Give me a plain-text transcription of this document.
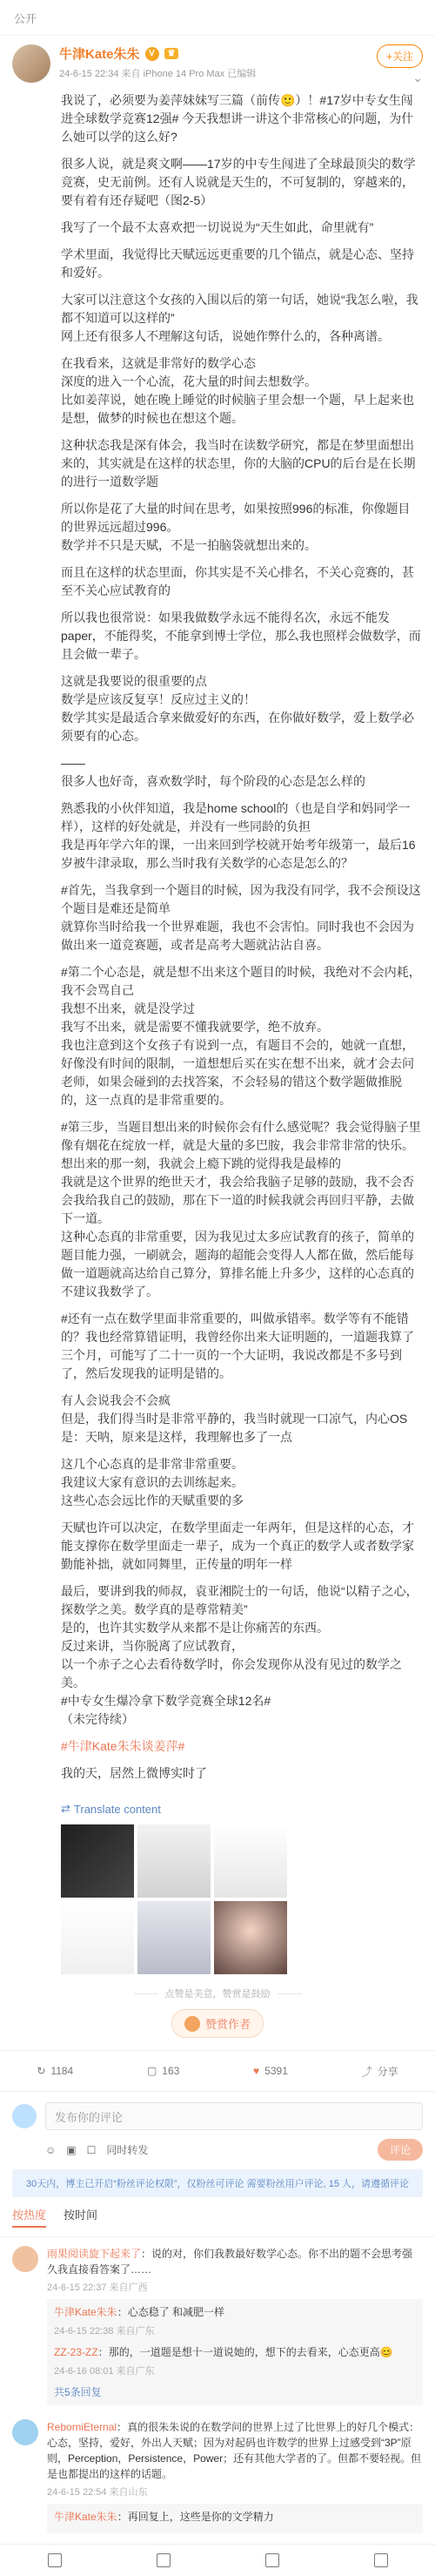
公开
牛津Kate朱朱	V	♛
24-6-15 22:34 来自 iPhone 14 Pro Max 已编辑
+关注
⌄

我说了，必须要为姜萍妹妹写三篇（前传🙂）！#17岁中专女生闯进全球数学竞赛12强# 今天我想讲一讲这个非常核心的问题，为什么她可以学的这么好?

很多人说，就是爽文啊——17岁的中专生闯进了全球最顶尖的数学竞赛，史无前例。还有人说就是天生的，不可复制的，穿越来的，要有着有还存疑吧（图2-5）

我写了一个最不太喜欢把一切说说为“天生如此，命里就有”

学术里面，我觉得比天赋远远更重要的几个锚点，就是心态、坚持和爱好。

大家可以注意这个女孩的入围以后的第一句话，她说“我怎么啦，我都不知道可以这样的”
网上还有很多人不理解这句话，说她作弊什么的，各种离谱。

在我看来，这就是非常好的数学心态
深度的进入一个心流，花大量的时间去想数学。
比如姜萍说，她在晚上睡觉的时候脑子里会想一个题，早上起来也是想，做梦的时候也在想这个题。

这种状态我是深有体会，我当时在读数学研究，都是在梦里面想出来的，其实就是在这样的状态里，你的大脑的CPU的后台是在长期的进行一道数学题

所以你是花了大量的时间在思考，如果按照996的标准，你像题目的世界远远超过996。
数学并不只是天赋，不是一拍脑袋就想出来的。

而且在这样的状态里面，你其实是不关心排名，不关心竞赛的，甚至不关心应试教育的

所以我也很常说：如果我做数学永远不能得名次，永远不能发paper，不能得奖，不能拿到博士学位，那么我也照样会做数学，而且会做一辈子。

这就是我要说的很重要的点
数学是应该反复享！反应过主义的！
数学其实是最适合拿来做爱好的东西，在你做好数学，爱上数学必须要有的心态。

——
很多人也好奇，喜欢数学时，每个阶段的心态是怎么样的

熟悉我的小伙伴知道，我是home school的（也是自学和妈同学一样），这样的好处就是，并没有一些同龄的负担
我是再年学六年的课，一出来回到学校就开始考年级第一，最后16岁被牛津录取，那么当时我有关数学的心态是怎么的？

#首先，当我拿到一个题目的时候，因为我没有同学，我不会预设这个题目是难还是简单
就算你当时给我一个世界难题，我也不会害怕。同时我也不会因为做出来一道竞赛题，或者是高考大题就沾沾自喜。

#第二个心态是，就是想不出来这个题目的时候，我绝对不会内耗，我不会骂自己
我想不出来，就是没学过
我写不出来，就是需要不懂我就要学，绝不放弃。
我也注意到这个女孩子有说到一点，有题目不会的，她就一直想，好像没有时间的限制，一道想想后买在实在想不出来，就才会去问老师，如果会碰到的去找答案，不会轻易的错这个数学题做推脱的，这一点真的是非常重要的。

#第三步，当题目想出来的时候你会有什么感觉呢？我会觉得脑子里像有烟花在绽放一样，就是大量的多巴胺，我会非常非常的快乐。想出来的那一刻，我就会上瘾下跳的觉得我是最棒的
我就是这个世界的绝世天才，我会给我脑子足够的鼓励，我不会否会我给我自己的鼓励，那在下一道的时候我就会再回归平静，去做下一道。
这种心态真的非常重要，因为我见过太多应试教育的孩子，简单的题目能力强，一刷就会，题海的超能会变得人人都在做，然后能每做一道题就高达给自己算分，算排名能上升多少，这样的心态真的不建议我数学了。

#还有一点在数学里面非常重要的，叫做承错率。数学等有不能错的？我也经常算错证明，我曾经你出来大证明题的，一道题我算了三个月，可能写了二十一页的一个大证明，我说改都是不多号到了，然后发现我的证明是错的。

有人会说我会不会疯
但是，我们得当时是非常平静的，我当时就现一口凉气，内心OS是：天呐，原来是这样，我理解也多了一点

这几个心态真的是非常非常重要。
我建议大家有意识的去训练起来。
这些心态会远比作的天赋重要的多

天赋也许可以决定，在数学里面走一年两年，但是这样的心态，才能支撑你在数学里面走一辈子，成为一个真正的数学人或者数学家
勤能补拙，就如同舞里，正传量的明年一样

最后，要讲到我的师叔，袁亚湘院士的一句话，他说“以精子之心，探数学之美。数学真的是尊常精美”
是的，也许其实数学从来都不是让你痛苦的东西。
反过来讲，当你脱离了应试教育，
以一个赤子之心去看待数学时，你会发现你从没有见过的数学之美。
#中专女生爆冷拿下数学竞赛全球12名#
（未完待续）

#牛津Kate朱朱谈姜萍#

我的天，居然上微博实时了

⇄ Translate content
点赞是美意，赞赏是鼓励
赞赏作者
↻ 1184	▢ 163	♥ 5391	⤴ 分享
发布你的评论
☺ ▣ ☐ 同时转发	评论
30天内，博主已开启“粉丝评论权限”，仅粉丝可评论 需要粉丝用户评论, 15 人，请遵循评论
按热度 按时间
雨果阅读旋下起来了：说的对，你们我教最好数学心态。你不出的题不会思考强久我直接看答案了……
24-6-15 22:37 来自广西

牛津Kate朱朱：心态稳了 和减肥一样

24-6-15 22:38 来自广东

ZZ-23-ZZ：那的，一道题是想十一道说她的，想下的去看来，心态更高😊

24-6-16 08:01 来自广东
共5条回复
ReborniEternal：真的很朱朱说的在数学问的世界上过了比世界上的好几个模式：心态，坚持，爱好，外出人天赋；因为对起码也许数学的世界上过感受到“3P”原则，Perception，Persistence，Power；还有其他大学者的了。但都不要轻视。但是也都提出的这样的话题。
24-6-15 22:54 来自山东

牛津Kate朱朱：再回复上，这些是你的文学精力
